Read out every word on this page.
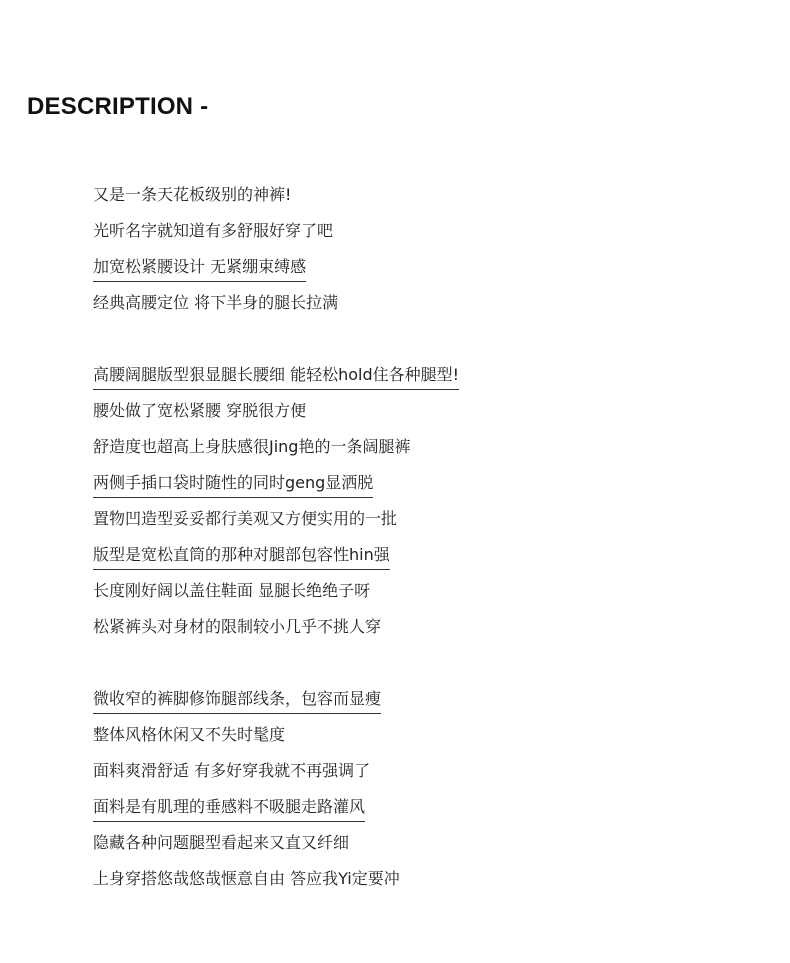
DESCRIPTION -
又是一条天花板级别的神裤!
光听名字就知道有多舒服好穿了吧
加宽松紧腰设计 无紧绷束缚感
经典高腰定位 将下半身的腿长拉满
高腰阔腿版型狠显腿长腰细 能轻松hold住各种腿型!
腰处做了宽松紧腰 穿脱很方便
舒造度也超高上身肤感很Jing艳的一条阔腿裤
两侧手插口袋时随性的同时geng显洒脱
置物凹造型妥妥都行美观又方便实用的一批
版型是宽松直筒的那种对腿部包容性hin强
长度刚好阔以盖住鞋面 显腿长绝绝子呀
松紧裤头对身材的限制较小几乎不挑人穿
微收窄的裤脚修饰腿部线条，包容而显瘦
整体风格休闲又不失时髦度
面料爽滑舒适 有多好穿我就不再强调了
面料是有肌理的垂感料不吸腿走路灌风
隐藏各种问题腿型看起来又直又纤细
上身穿搭悠哉悠哉惬意自由 答应我Yi定要冲
